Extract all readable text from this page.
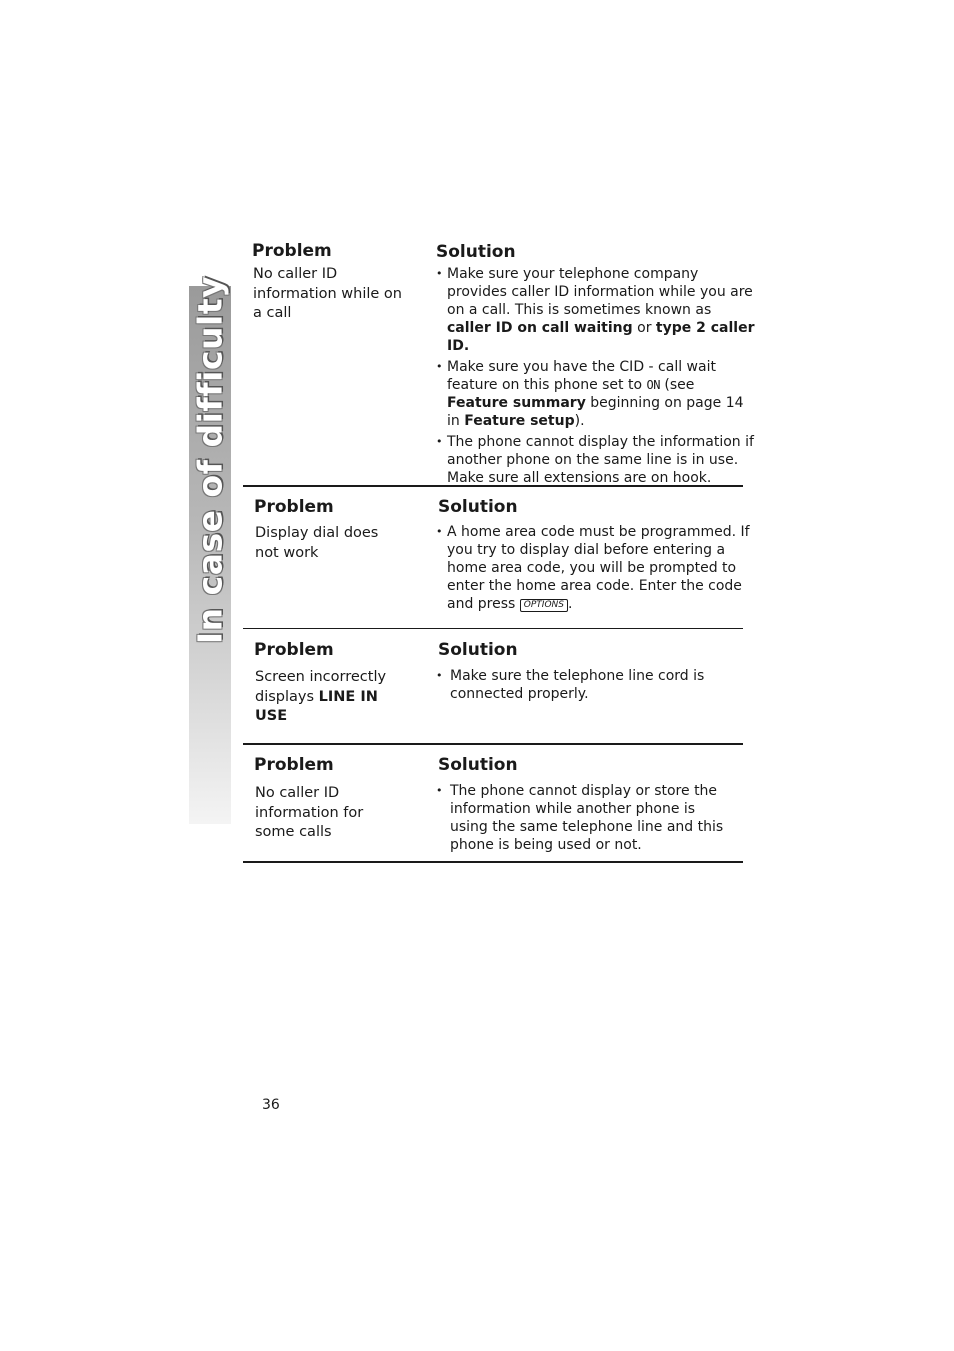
In case of difficulty
Problem
No caller ID information while on a call
Solution
• Make sure your telephone company provides caller ID information while you are on a call. This is sometimes known as caller ID on call waiting or type 2 caller ID.
• Make sure you have the CID - call wait feature on this phone set to ON (see Feature summary beginning on page 14 in Feature setup).
• The phone cannot display the information if another phone on the same line is in use. Make sure all extensions are on hook.
Problem
Display dial does not work
Solution
• A home area code must be programmed. If you try to display dial before entering a home area code, you will be prompted to enter the home area code. Enter the code and press OPTIONS .
Problem
Screen incorrectly displays LINE IN USE
Solution
• Make sure the telephone line cord is connected properly.
Problem
No caller ID information for some calls
Solution
• The phone cannot display or store the information while another phone is using the same telephone line and this phone is being used or not.
36
